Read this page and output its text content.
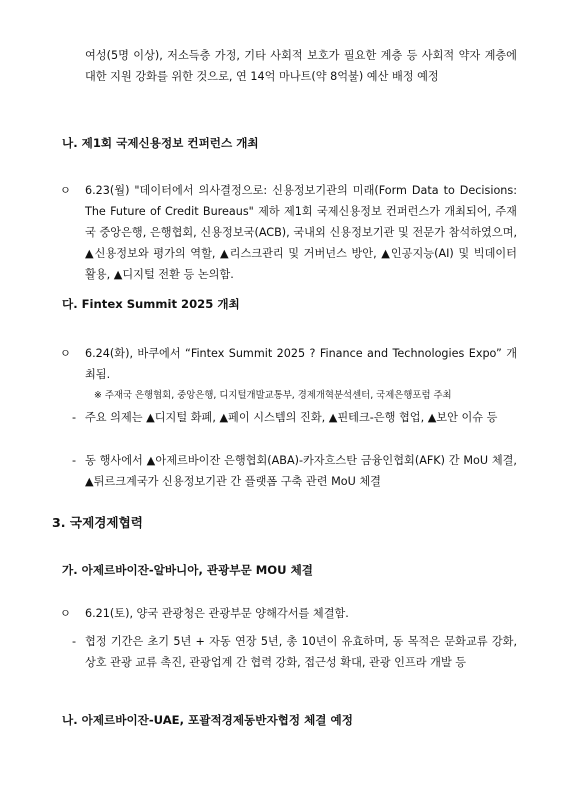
여성(5명 이상), 저소득층 가정, 기타 사회적 보호가 필요한 계층 등 사회적 약자 계층에 대한 지원 강화를 위한 것으로, 연 14억 마나트(약 8억불) 예산 배정 예정

나. 제1회 국제신용정보 컨퍼런스 개최

ㅇ 6.23(월) "데이터에서 의사결정으로: 신용정보기관의 미래(Form Data to Decisions: The Future of Credit Bureaus" 제하 제1회 국제신용정보 컨퍼런스가 개최되어, 주재국 중앙은행, 은행협회, 신용정보국(ACB), 국내외 신용정보기관 및 전문가 참석하였으며, ▲신용정보와 평가의 역할, ▲리스크관리 및 거버넌스 방안, ▲인공지능(AI) 및 빅데이터 활용, ▲디지털 전환 등 논의함.

다. Fintex Summit 2025 개최

ㅇ 6.24(화), 바쿠에서 “Fintex Summit 2025 ? Finance and Technologies Expo” 개최됨.

※ 주재국 은행협회, 중앙은행, 디지털개발교통부, 경제개혁분석센터, 국제은행포럼 주최

- 주요 의제는 ▲디지털 화폐, ▲페이 시스템의 진화, ▲핀테크-은행 협업, ▲보안 이슈 등

- 동 행사에서 ▲아제르바이잔 은행협회(ABA)-카자흐스탄 금융인협회(AFK) 간 MoU 체결, ▲튀르크계국가 신용정보기관 간 플랫폼 구축 관련 MoU 체결

3. 국제경제협력

가. 아제르바이잔-알바니아, 관광부문 MOU 체결

ㅇ 6.21(토), 양국 관광청은 관광부문 양해각서를 체결함.

- 협정 기간은 초기 5년 + 자동 연장 5년, 총 10년이 유효하며, 동 목적은 문화교류 강화, 상호 관광 교류 촉진, 관광업계 간 협력 강화, 접근성 확대, 관광 인프라 개발 등

나. 아제르바이잔-UAE, 포괄적경제동반자협정 체결 예정
